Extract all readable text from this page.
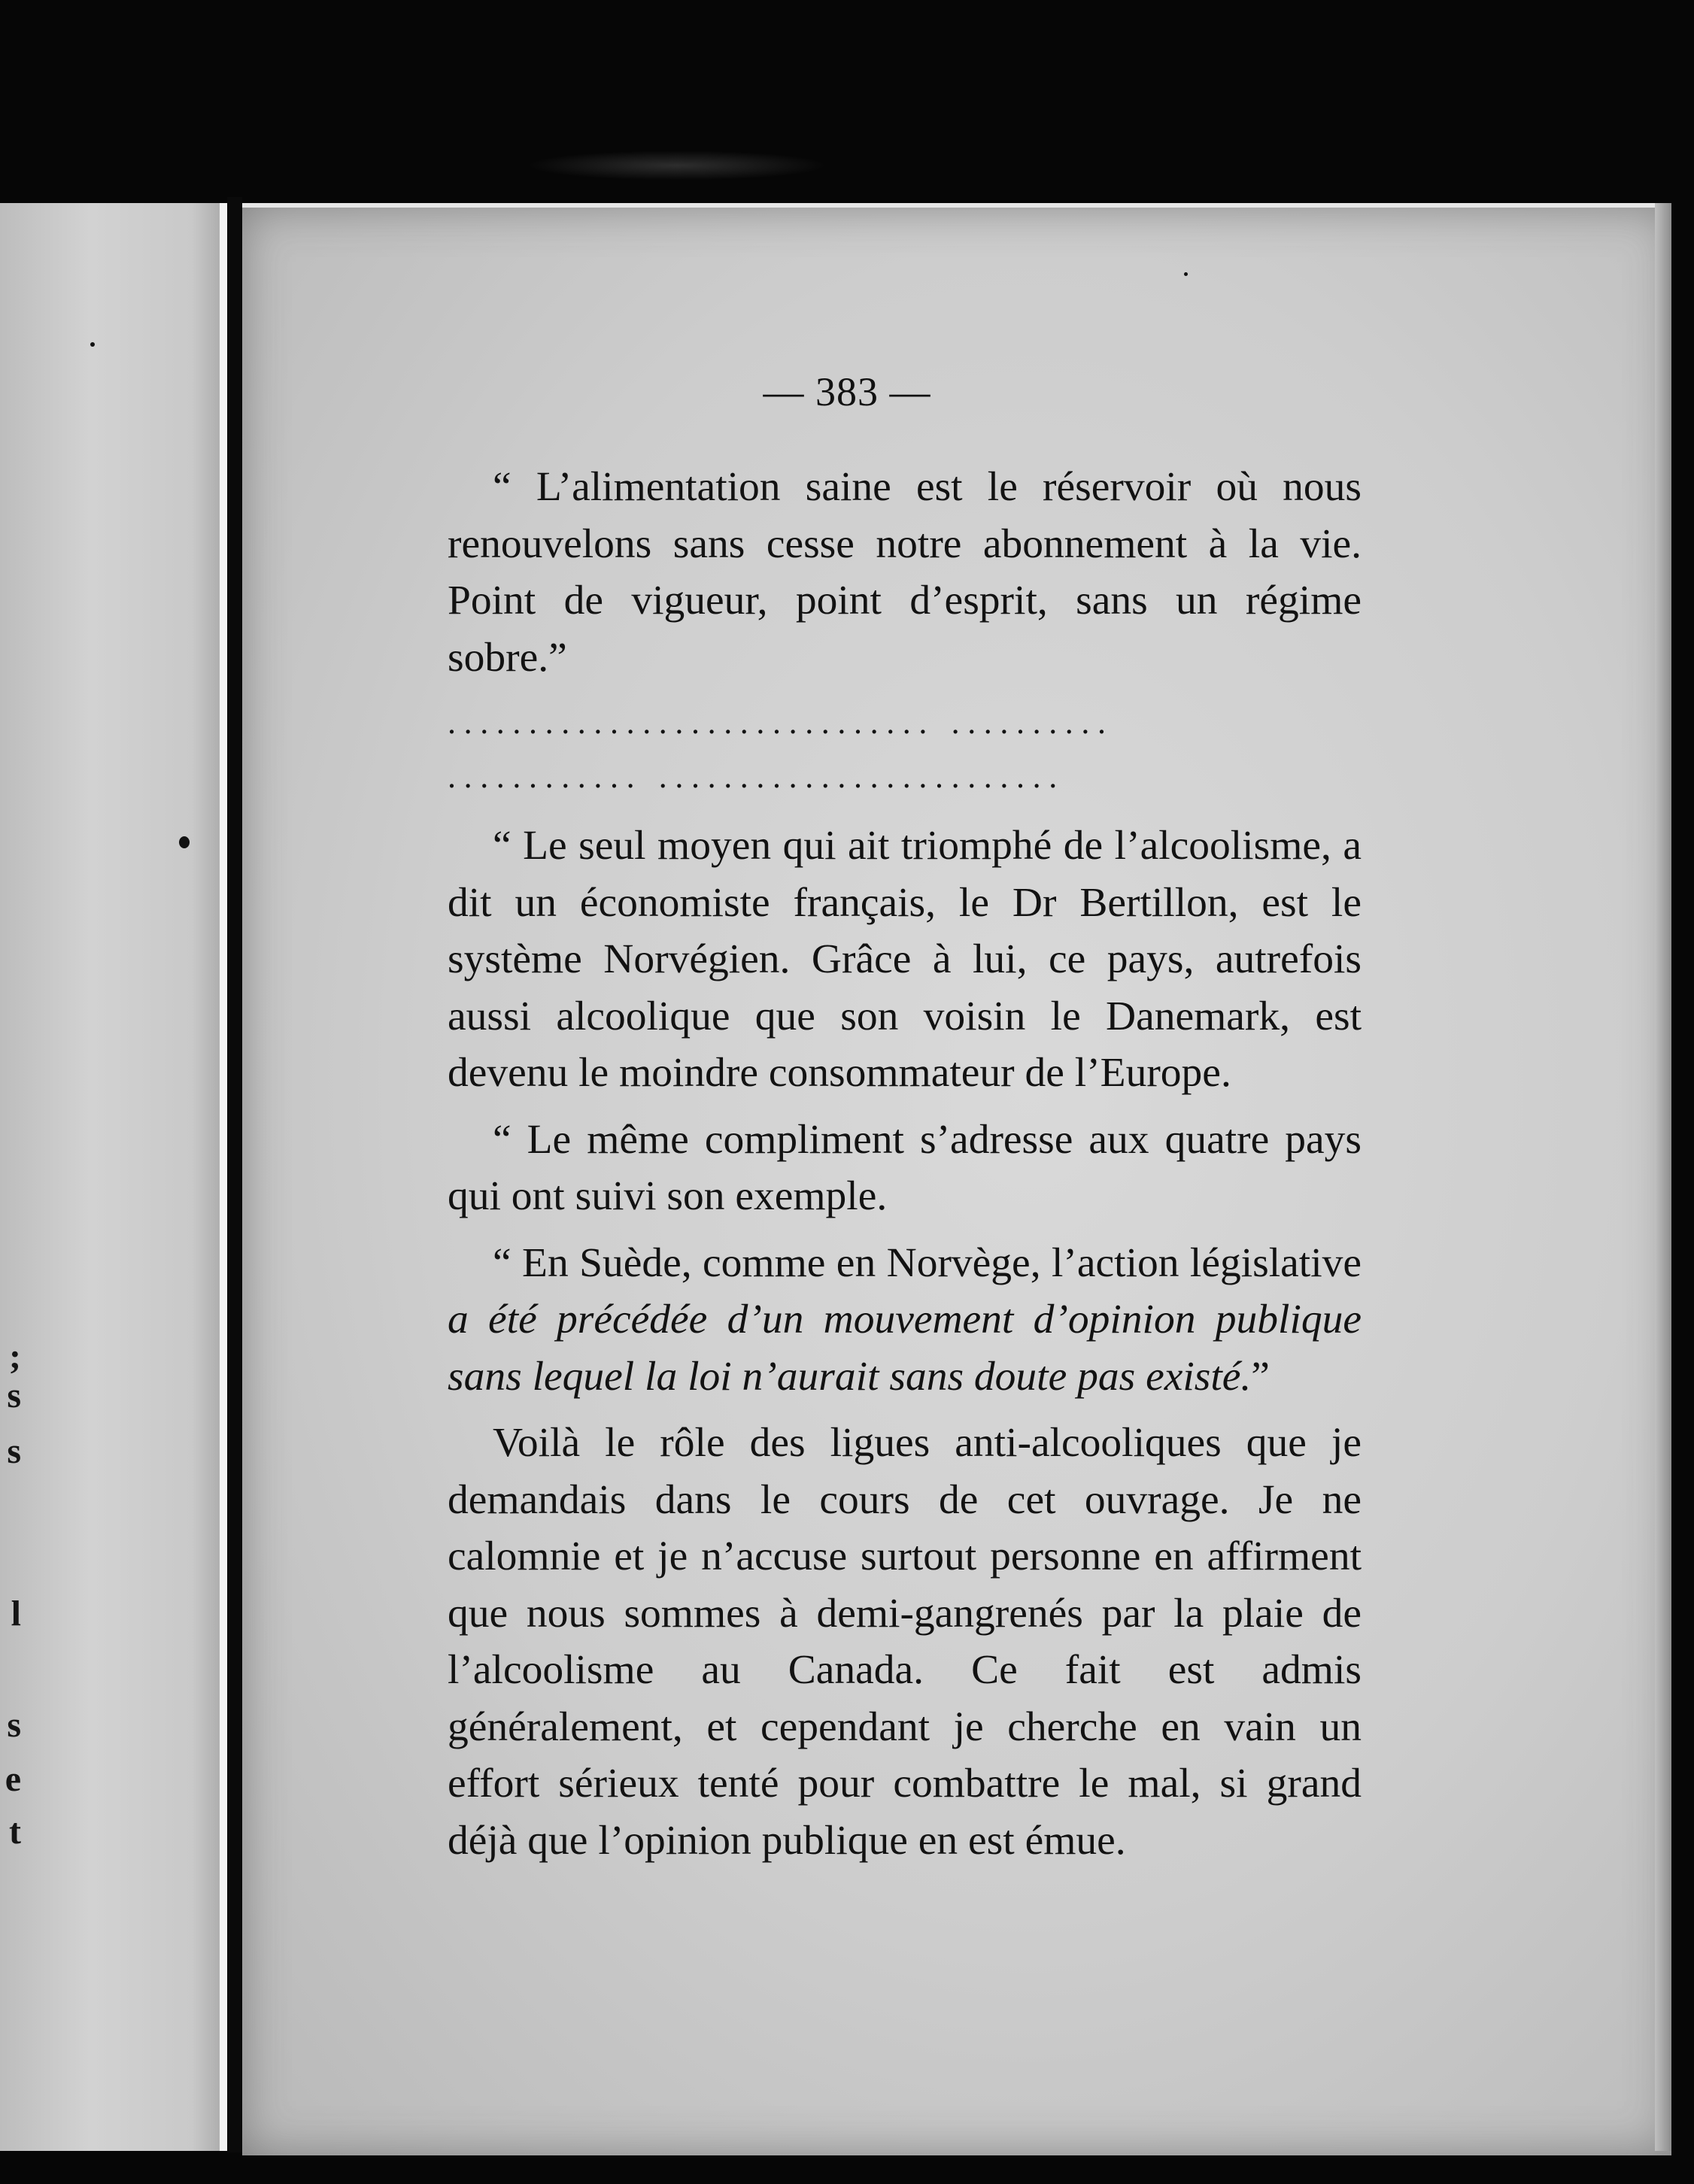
;
s
s
l
s
e
t
— 383 —

“ L’alimentation saine est le réservoir où nous renouvelons sans cesse notre abonnement à la vie. Point de vigueur, point d’esprit, sans un régime sobre.”

.............................. ..........

............ .........................

“ Le seul moyen qui ait triomphé de l’alcoolisme, a dit un économiste français, le Dr Bertillon, est le système Norvégien. Grâce à lui, ce pays, autrefois aussi alcoolique que son voisin le Danemark, est devenu le moindre consommateur de l’Europe.

“ Le même compliment s’adresse aux quatre pays qui ont suivi son exemple.

“ En Suède, comme en Norvège, l’action législative a été précédée d’un mouvement d’opinion publique sans lequel la loi n’aurait sans doute pas existé.”

Voilà le rôle des ligues anti-alcooliques que je demandais dans le cours de cet ouvrage. Je ne calomnie et je n’accuse surtout personne en affirment que nous sommes à demi-gangrenés par la plaie de l’alcoolisme au Canada. Ce fait est admis généralement, et cependant je cherche en vain un effort sérieux tenté pour combattre le mal, si grand déjà que l’opinion publique en est émue.
